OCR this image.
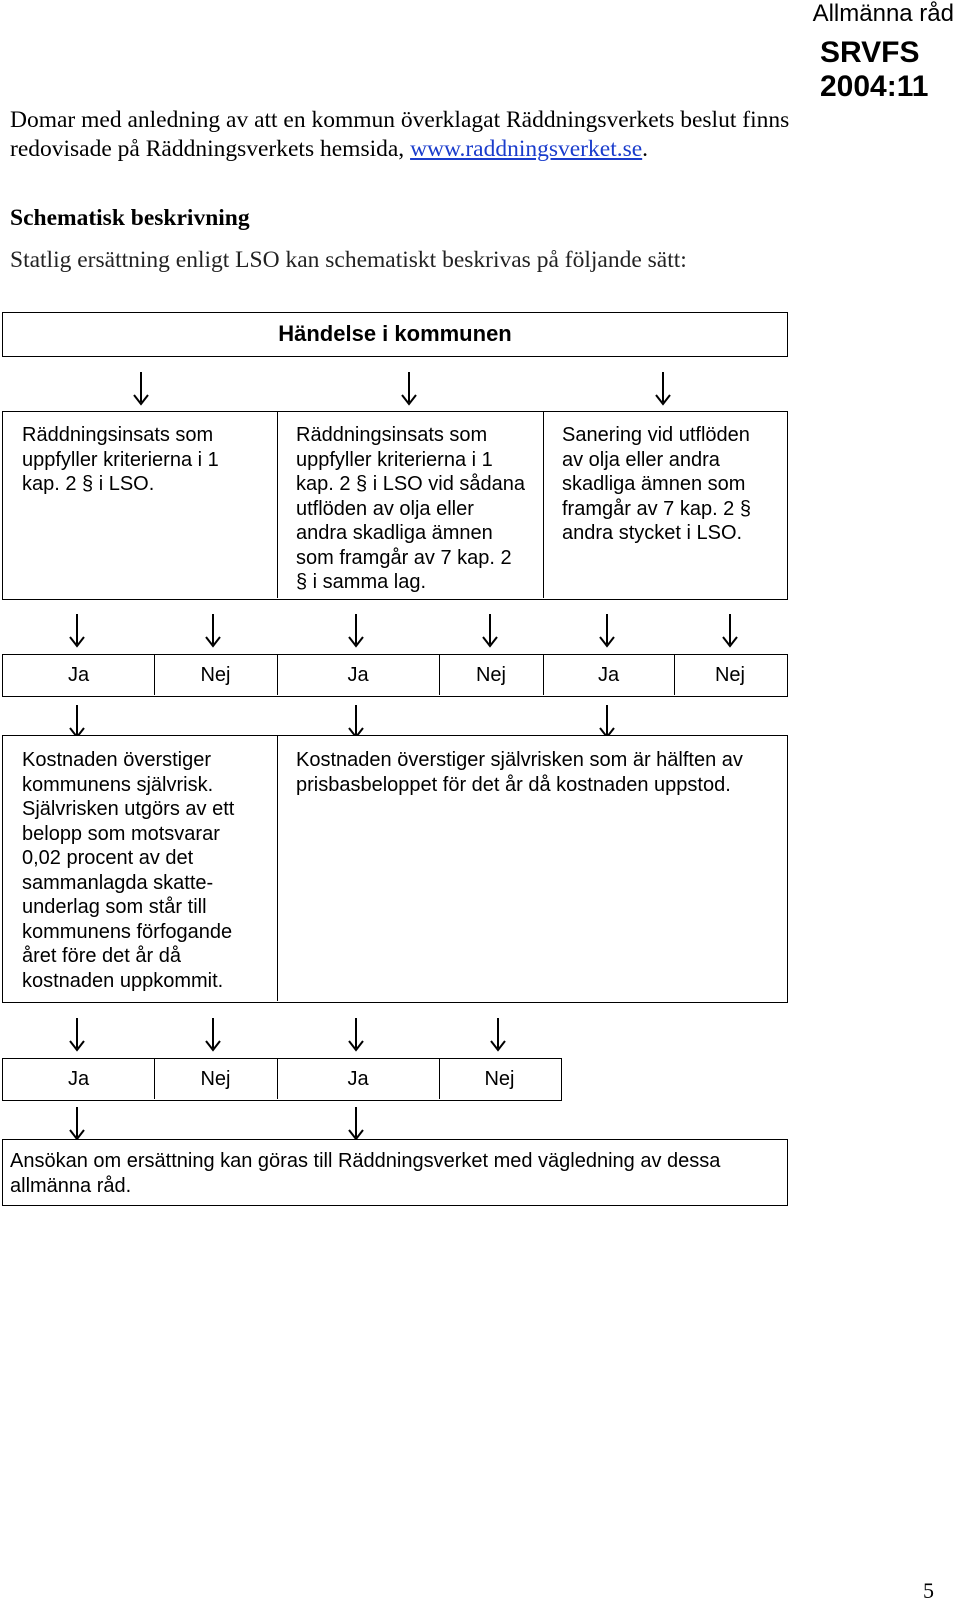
Allmänna råd
SRVFS
2004:11
Domar med anledning av att en kommun överklagat Räddningsverkets beslut finns redovisade på Räddningsverkets hemsida, www.raddningsverket.se.
Schematisk beskrivning
Statlig ersättning enligt LSO kan schematiskt beskrivas på följande sätt:
Händelse i kommunen
Räddningsinsats som uppfyller kriterierna i 1 kap. 2 § i LSO.
Räddningsinsats som uppfyller kriterierna i 1 kap. 2 § i LSO vid sådana utflöden av olja eller andra skadliga ämnen som framgår av 7 kap. 2 § i samma lag.
Sanering vid utflöden av olja eller andra skadliga ämnen som framgår av 7 kap. 2 § andra stycket i LSO.
Ja	Nej	Ja	Nej	Ja	Nej
Kostnaden överstiger kommunens självrisk. Självrisken utgörs av ett belopp som motsvarar 0,02 procent av det sammanlagda skatte-underlag som står till kommunens förfogande året före det år då kostnaden uppkommit.
Kostnaden överstiger självrisken som är hälften av prisbasbeloppet för det år då kostnaden uppstod.
Ja	Nej	Ja	Nej
Ansökan om ersättning kan göras till Räddningsverket med vägledning av dessa allmänna råd.
5
